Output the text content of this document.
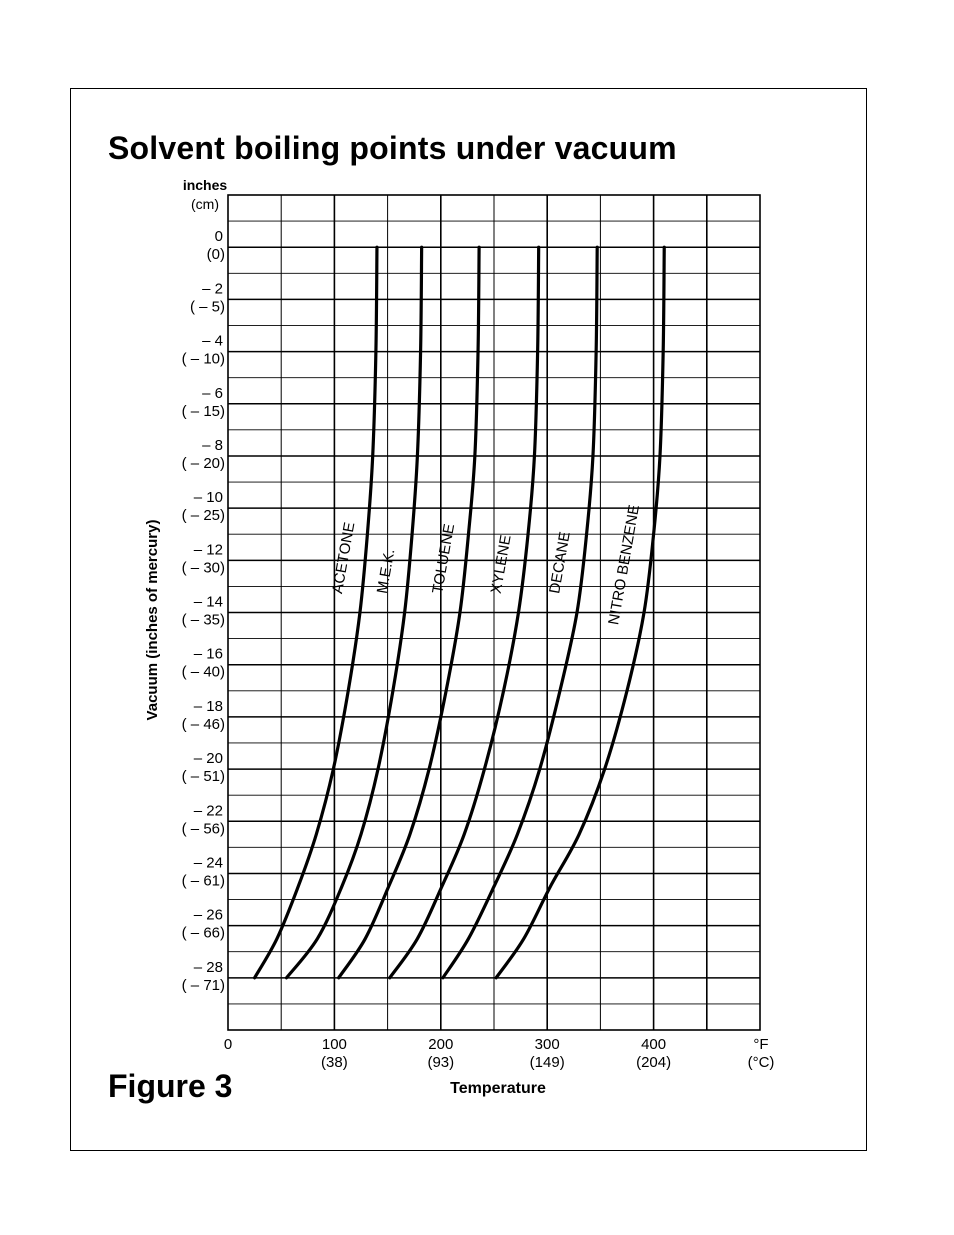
Solvent boiling points under vacuum
Figure 3
ACETONE M.E.K. TOLUENE XYLENE DECANE NITRO BENZENE
0
(0)
– 2
( – 5)
– 4
( – 10)
– 6
( – 15)
– 8
( – 20)
– 10
( – 25)
– 12
( – 30)
– 14
( – 35)
– 16
( – 40)
– 18
( – 46)
– 20
( – 51)
– 22
( – 56)
– 24
( – 61)
– 26
( – 66)
– 28
( – 71)
0	100
(38)
200
(93)
300
(149)
400
(204)
inches
(cm)
Vacuum (inches of mercury)
Temperature
°F
(°C)
